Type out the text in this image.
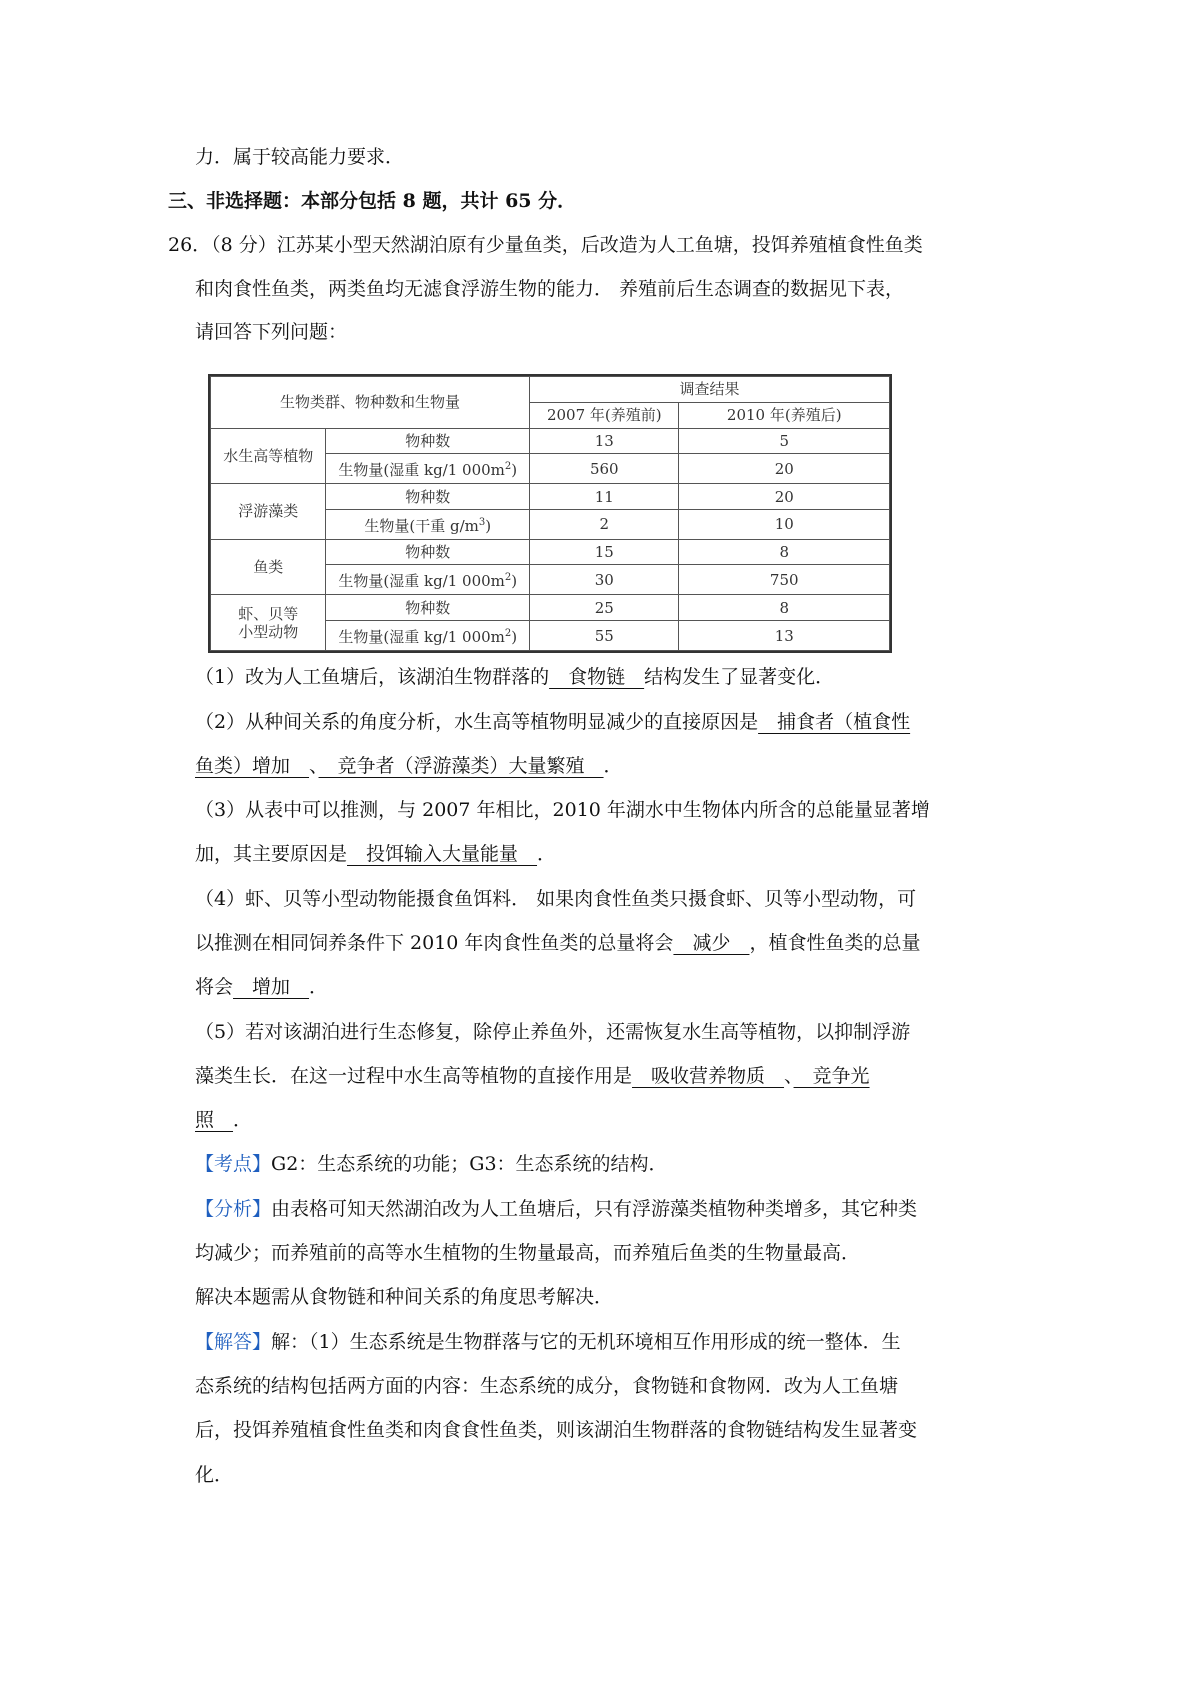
力．属于较高能力要求．
三、非选择题：本部分包括 8 题，共计 65 分．
26．（8 分）江苏某小型天然湖泊原有少量鱼类，后改造为人工鱼塘，投饵养殖植食性鱼类
和肉食性鱼类，两类鱼均无滤食浮游生物的能力． 养殖前后生态调查的数据见下表，
请回答下列问题：
生物类群、物种数和生物量		调查结果	
		2007 年(养殖前)	2010 年(养殖后)
水生高等植物	物种数	13	5
	生物量(湿重 kg/1 $000m^2$)	560	20
浮游藻类	物种数	11	20
	生物量(干重 $g/m^3$)	2	10
鱼类	物种数	15	8
	生物量(湿重 kg/1 $000m^2$)	30	750
虾、贝等
小型动物	物种数	25	8
	生物量(湿重 kg/1 $000m^2$)	55	13
（1）改为人工鱼塘后，该湖泊生物群落的　食物链　结构发生了显著变化．
（2）从种间关系的角度分析，水生高等植物明显减少的直接原因是　捕食者（植食性
鱼类）增加　、　竞争者（浮游藻类）大量繁殖　．
（3）从表中可以推测，与 2007 年相比，2010 年湖水中生物体内所含的总能量显著增
加，其主要原因是　投饵输入大量能量　．
（4）虾、贝等小型动物能摄食鱼饵料． 如果肉食性鱼类只摄食虾、贝等小型动物，可
以推测在相同饲养条件下 2010 年肉食性鱼类的总量将会　减少　，植食性鱼类的总量
将会　增加　．
（5）若对该湖泊进行生态修复，除停止养鱼外，还需恢复水生高等植物，以抑制浮游
藻类生长．在这一过程中水生高等植物的直接作用是　吸收营养物质　、　竞争光
照　．
【考点】G2：生态系统的功能；G3：生态系统的结构．
【分析】由表格可知天然湖泊改为人工鱼塘后，只有浮游藻类植物种类增多，其它种类
均减少；而养殖前的高等水生植物的生物量最高，而养殖后鱼类的生物量最高．
解决本题需从食物链和种间关系的角度思考解决．
【解答】解：（1）生态系统是生物群落与它的无机环境相互作用形成的统一整体．生
态系统的结构包括两方面的内容：生态系统的成分，食物链和食物网．改为人工鱼塘
后，投饵养殖植食性鱼类和肉食食性鱼类，则该湖泊生物群落的食物链结构发生显著变
化．
